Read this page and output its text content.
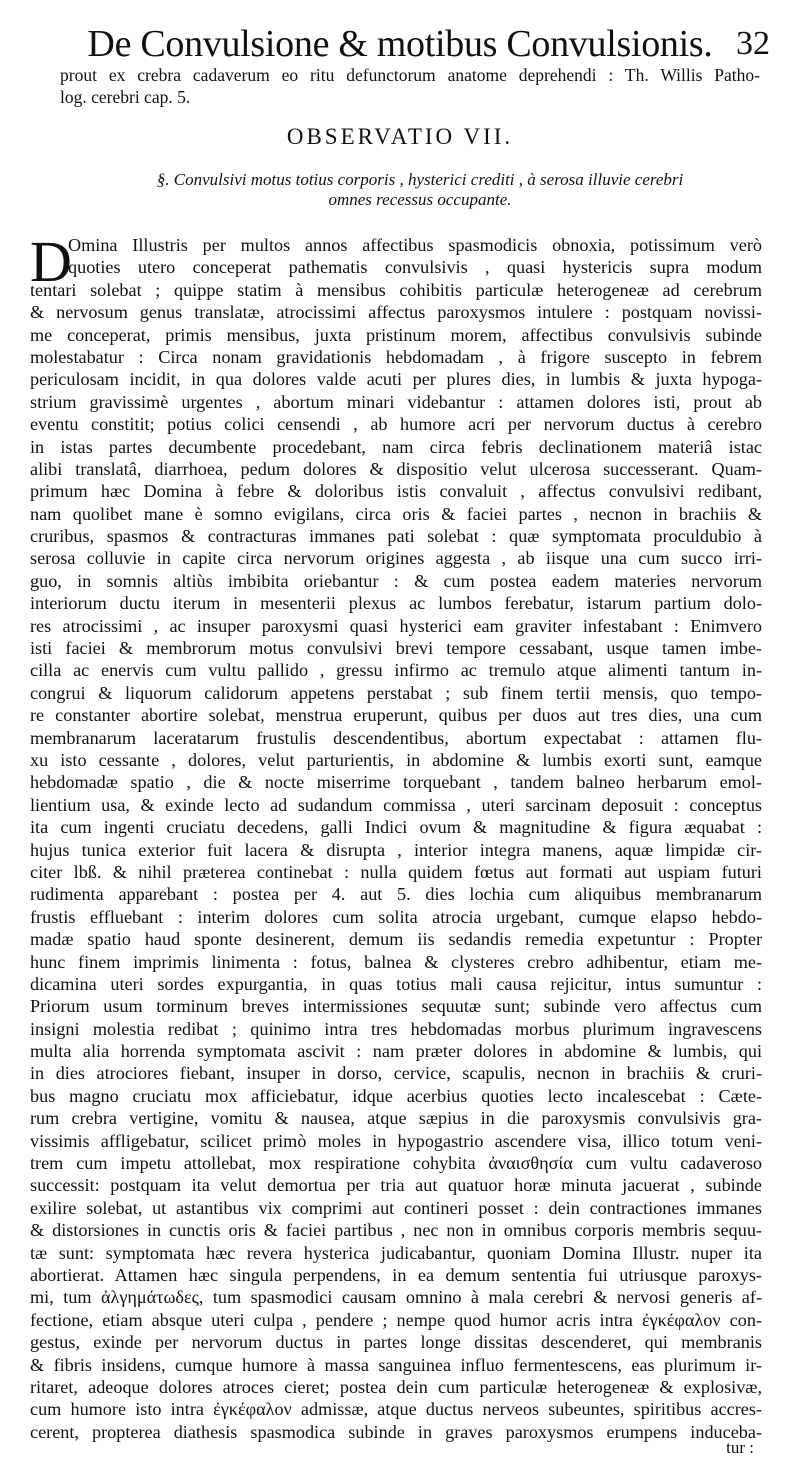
De Convulsione & motibus Convulsionis. 32
prout ex crebra cadaverum eo ritu defunctorum anatome deprehendi : Th. Willis Patho-
log. cerebri cap. 5.
OBSERVATIO VII.
§. Convulsivi motus totius corporis , hysterici crediti , à serosa illuvie cerebri
omnes recessus occupante.
D
Omina Illustris per multos annos affectibus spasmodicis obnoxia, potissimum verò
quoties utero conceperat pathematis convulsivis , quasi hystericis supra modum
tentari solebat ; quippe statim à mensibus cohibitis particulæ heterogeneæ ad cerebrum
& nervosum genus translatæ, atrocissimi affectus paroxysmos intulere : postquam novissi-
me conceperat, primis mensibus, juxta pristinum morem, affectibus convulsivis subinde
molestabatur : Circa nonam gravidationis hebdomadam , à frigore suscepto in febrem
periculosam incidit, in qua dolores valde acuti per plures dies, in lumbis & juxta hypoga-
strium gravissimè urgentes , abortum minari videbantur : attamen dolores isti, prout ab
eventu constitit; potius colici censendi , ab humore acri per nervorum ductus à cerebro
in istas partes decumbente procedebant, nam circa febris declinationem materiâ istac
alibi translatâ, diarrhoea, pedum dolores & dispositio velut ulcerosa successerant. Quam-
primum hæc Domina à febre & doloribus istis convaluit , affectus convulsivi redibant,
nam quolibet mane è somno evigilans, circa oris & faciei partes , necnon in brachiis &
cruribus, spasmos & contracturas immanes pati solebat : quæ symptomata proculdubio à
serosa colluvie in capite circa nervorum origines aggesta , ab iisque una cum succo irri-
guo, in somnis altiùs imbibita oriebantur : & cum postea eadem materies nervorum
interiorum ductu iterum in mesenterii plexus ac lumbos ferebatur, istarum partium dolo-
res atrocissimi , ac insuper paroxysmi quasi hysterici eam graviter infestabant : Enimvero
isti faciei & membrorum motus convulsivi brevi tempore cessabant, usque tamen imbe-
cilla ac enervis cum vultu pallido , gressu infirmo ac tremulo atque alimenti tantum in-
congrui & liquorum calidorum appetens perstabat ; sub finem tertii mensis, quo tempo-
re constanter abortire solebat, menstrua eruperunt, quibus per duos aut tres dies, una cum
membranarum laceratarum frustulis descendentibus, abortum expectabat : attamen flu-
xu isto cessante , dolores, velut parturientis, in abdomine & lumbis exorti sunt, eamque
hebdomadæ spatio , die & nocte miserrime torquebant , tandem balneo herbarum emol-
lientium usa, & exinde lecto ad sudandum commissa , uteri sarcinam deposuit : conceptus
ita cum ingenti cruciatu decedens, galli Indici ovum & magnitudine & figura æquabat :
hujus tunica exterior fuit lacera & disrupta , interior integra manens, aquæ limpidæ cir-
citer lbß. & nihil præterea continebat : nulla quidem fœtus aut formati aut uspiam futuri
rudimenta apparebant : postea per 4. aut 5. dies lochia cum aliquibus membranarum
frustis effluebant : interim dolores cum solita atrocia urgebant, cumque elapso hebdo-
madæ spatio haud sponte desinerent, demum iis sedandis remedia expetuntur : Propter
hunc finem imprimis linimenta : fotus, balnea & clysteres crebro adhibentur, etiam me-
dicamina uteri sordes expurgantia, in quas totius mali causa rejicitur, intus sumuntur :
Priorum usum torminum breves intermissiones sequutæ sunt; subinde vero affectus cum
insigni molestia redibat ; quinimo intra tres hebdomadas morbus plurimum ingravescens
multa alia horrenda symptomata ascivit : nam præter dolores in abdomine & lumbis, qui
in dies atrociores fiebant, insuper in dorso, cervice, scapulis, necnon in brachiis & cruri-
bus magno cruciatu mox afficiebatur, idque acerbius quoties lecto incalescebat : Cæte-
rum crebra vertigine, vomitu & nausea, atque sæpius in die paroxysmis convulsivis gra-
vissimis affligebatur, scilicet primò moles in hypogastrio ascendere visa, illico totum veni-
trem cum impetu attollebat, mox respiratione cohybita ἀναισθησία cum vultu cadaveroso
successit: postquam ita velut demortua per tria aut quatuor horæ minuta jacuerat , subinde
exilire solebat, ut astantibus vix comprimi aut contineri posset : dein contractiones immanes
& distorsiones in cunctis oris & faciei partibus , nec non in omnibus corporis membris sequu-
tæ sunt: symptomata hæc revera hysterica judicabantur, quoniam Domina Illustr. nuper ita
abortierat. Attamen hæc singula perpendens, in ea demum sententia fui utriusque paroxys-
mi, tum ἀλγημάτωδες, tum spasmodici causam omnino à mala cerebri & nervosi generis af-
fectione, etiam absque uteri culpa , pendere ; nempe quod humor acris intra ἐγκέφαλον con-
gestus, exinde per nervorum ductus in partes longe dissitas descenderet, qui membranis
& fibris insidens, cumque humore à massa sanguinea influo fermentescens, eas plurimum ir-
ritaret, adeoque dolores atroces cieret; postea dein cum particulæ heterogeneæ & explosivæ,
cum humore isto intra ἐγκέφαλον admissæ, atque ductus nerveos subeuntes, spiritibus accres-
cerent, propterea diathesis spasmodica subinde in graves paroxysmos erumpens induceba-
tur :
